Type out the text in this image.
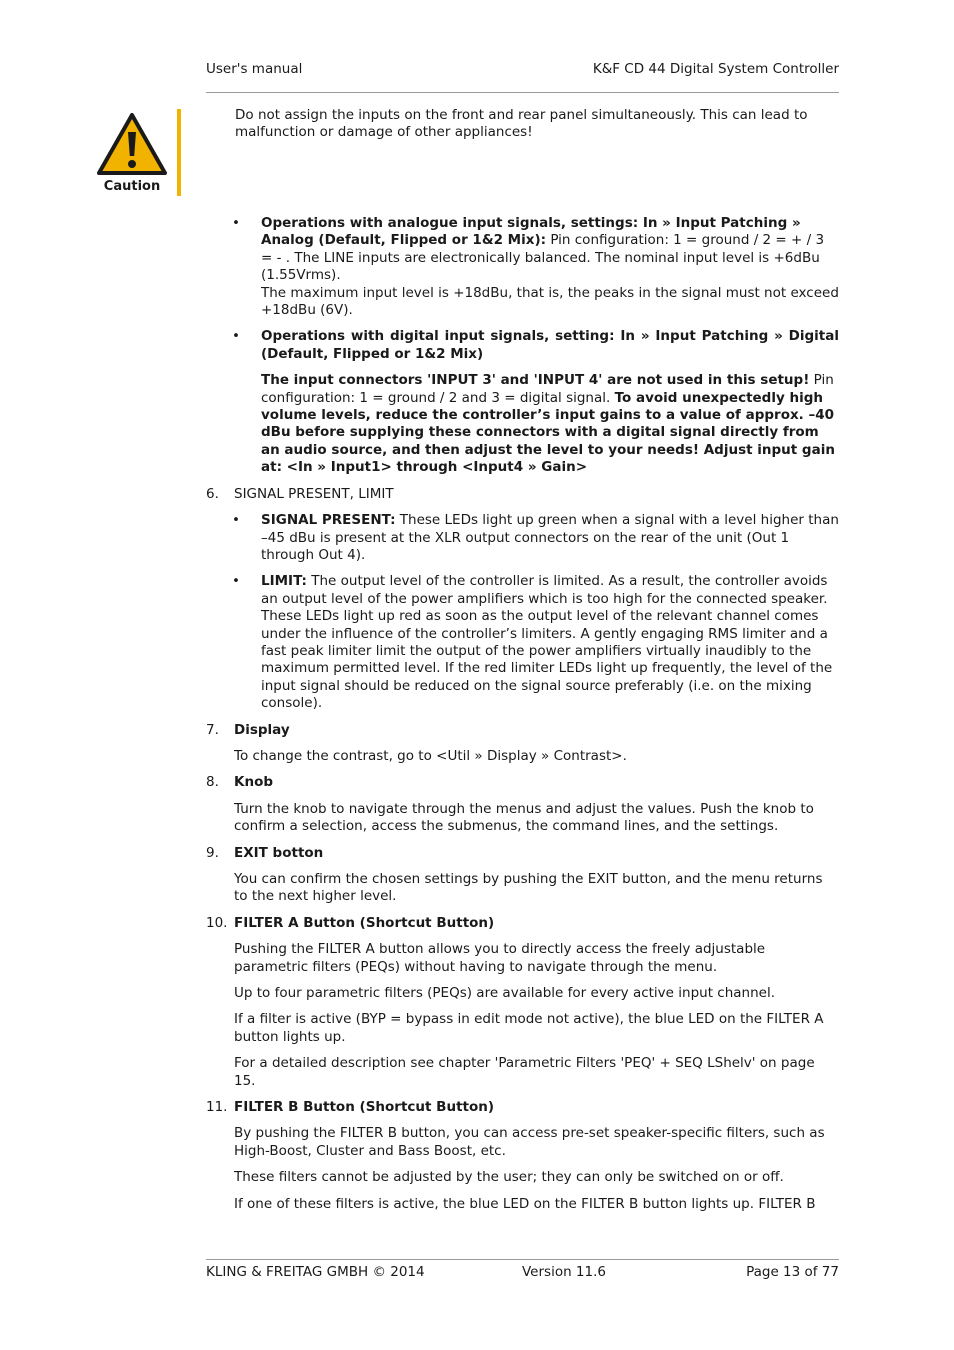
User's manual	K&F CD 44 Digital System Controller
Caution

Do not assign the inputs on the front and rear panel simultaneously. This can lead to malfunction or damage of other appliances!

• Operations with analogue input signals, settings: In » Input Patching » Analog (Default, Flipped or 1&2 Mix): Pin configuration: 1 = ground / 2 = + / 3 = - . The LINE inputs are electronically balanced. The nominal input level is +6dBu (1.55Vrms).

The maximum input level is +18dBu, that is, the peaks in the signal must not exceed +18dBu (6V).

• Operations with digital input signals, setting: In » Input Patching » Digital (Default, Flipped or 1&2 Mix)

The input connectors 'INPUT 3' and 'INPUT 4' are not used in this setup! Pin configuration: 1 = ground / 2 and 3 = digital signal. To avoid unexpectedly high volume levels, reduce the controller’s input gains to a value of approx. –40 dBu before supplying these connectors with a digital signal directly from an audio source, and then adjust the level to your needs! Adjust input gain at: <In » Input1> through <Input4 » Gain>

6. SIGNAL PRESENT, LIMIT
• SIGNAL PRESENT: These LEDs light up green when a signal with a level higher than –45 dBu is present at the XLR output connectors on the rear of the unit (Out 1 through Out 4).

• LIMIT: The output level of the controller is limited. As a result, the controller avoids an output level of the power amplifiers which is too high for the connected speaker. These LEDs light up red as soon as the output level of the relevant channel comes under the influence of the controller’s limiters. A gently engaging RMS limiter and a fast peak limiter limit the output of the power amplifiers virtually inaudibly to the maximum permitted level. If the red limiter LEDs light up frequently, the level of the input signal should be reduced on the signal source preferably (i.e. on the mixing console).

7. Display

To change the contrast, go to <Util » Display » Contrast>.

8. Knob

Turn the knob to navigate through the menus and adjust the values. Push the knob to confirm a selection, access the submenus, the command lines, and the settings.

9. EXIT botton

You can confirm the chosen settings by pushing the EXIT button, and the menu returns to the next higher level.

10. FILTER A Button (Shortcut Button)

Pushing the FILTER A button allows you to directly access the freely adjustable parametric filters (PEQs) without having to navigate through the menu.

Up to four parametric filters (PEQs) are available for every active input channel.

If a filter is active (BYP = bypass in edit mode not active), the blue LED on the FILTER A button lights up.

For a detailed description see chapter 'Parametric Filters 'PEQ' + SEQ LShelv' on page 15.

11. FILTER B Button (Shortcut Button)

By pushing the FILTER B button, you can access pre-set speaker-specific filters, such as High-Boost, Cluster and Bass Boost, etc.

These filters cannot be adjusted by the user; they can only be switched on or off.

If one of these filters is active, the blue LED on the FILTER B button lights up. FILTER B

KLING & FREITAG GMBH © 2014	Version 11.6	Page 13 of 77
